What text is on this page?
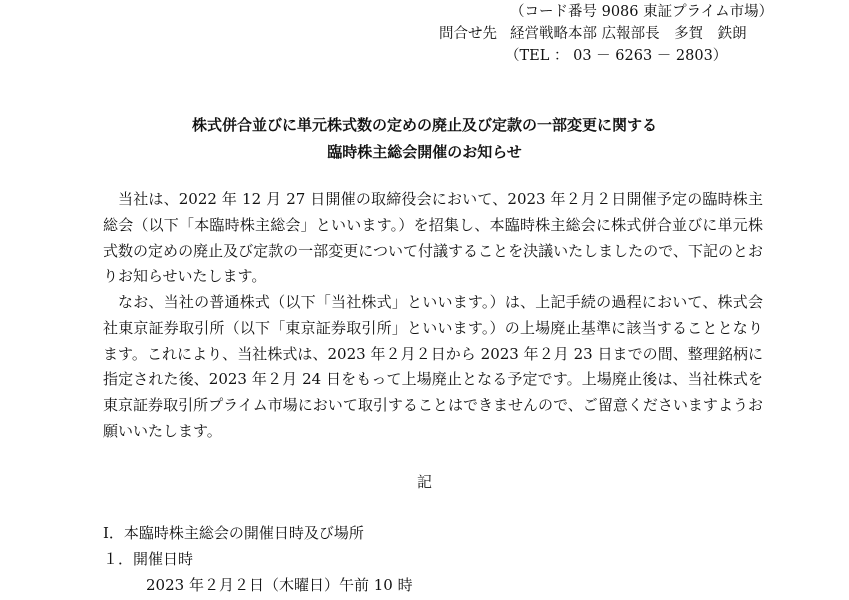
（コード番号 9086 東証プライム市場）
問合せ先 経営戦略本部 広報部長　多賀　鉄朗
（TEL ： 03 － 6263 － 2803）
株式併合並びに単元株式数の定めの廃止及び定款の一部変更に関する
臨時株主総会開催のお知らせ
当社は、2022 年 12 月 27 日開催の取締役会において、2023 年２月２日開催予定の臨時株主総会（以下「本臨時株主総会」といいます。）を招集し、本臨時株主総会に株式併合並びに単元株式数の定めの廃止及び定款の一部変更について付議することを決議いたしましたので、下記のとおりお知らせいたします。
なお、当社の普通株式（以下「当社株式」といいます。）は、上記手続の過程において、株式会社東京証券取引所（以下「東京証券取引所」といいます。）の上場廃止基準に該当することとなります。これにより、当社株式は、2023 年２月２日から 2023 年２月 23 日までの間、整理銘柄に指定された後、2023 年２月 24 日をもって上場廃止となる予定です。上場廃止後は、当社株式を東京証券取引所プライム市場において取引することはできませんので、ご留意くださいますようお願いいたします。
記
Ⅰ．本臨時株主総会の開催日時及び場所
１．開催日時
2023 年２月２日（木曜日）午前 10 時
